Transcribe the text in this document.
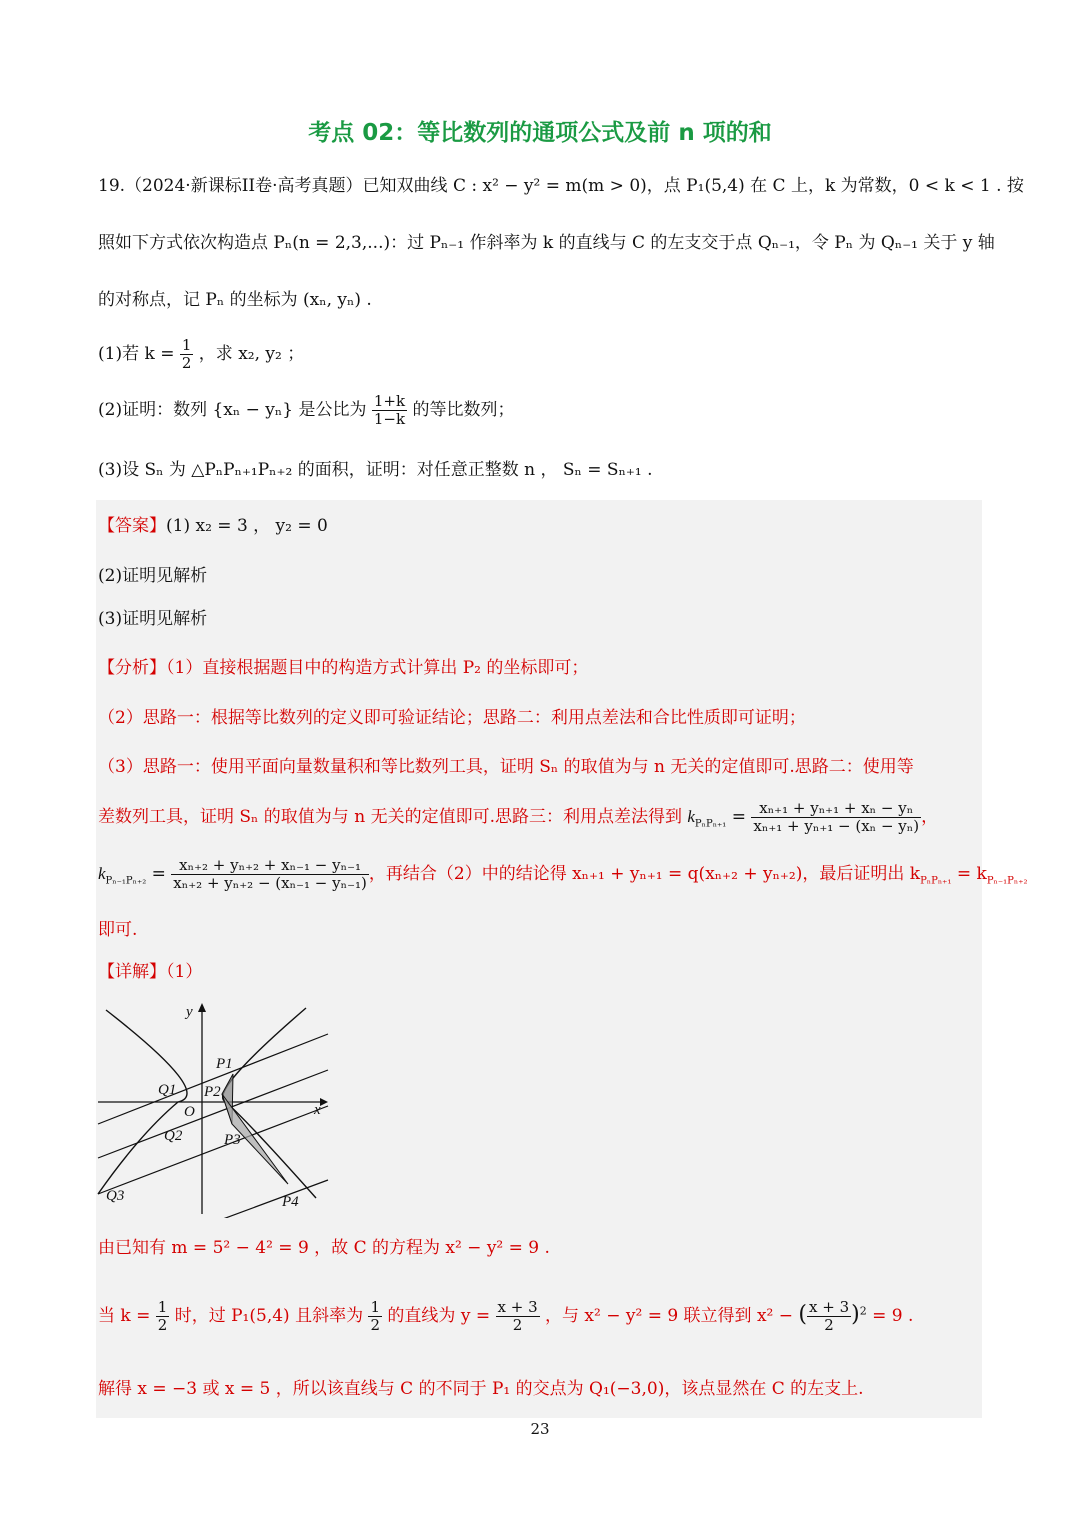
考点 02：等比数列的通项公式及前 n 项的和
19.（2024·新课标II卷·高考真题）已知双曲线 C : x² − y² = m(m > 0)，点 P₁(5,4) 在 C 上，k 为常数，0 < k < 1 . 按
照如下方式依次构造点 Pₙ(n = 2,3,...)：过 Pₙ₋₁ 作斜率为 k 的直线与 C 的左支交于点 Qₙ₋₁，令 Pₙ 为 Qₙ₋₁ 关于 y 轴
的对称点，记 Pₙ 的坐标为 (xₙ, yₙ) .
(1)若 $k = \frac{1}{2}$ ，求 x₂, y₂ ；
(2)证明：数列 {xₙ − yₙ} 是公比为 $\frac{1+k}{1-k}$ 的等比数列；
(3)设 Sₙ 为 △PₙPₙ₊₁Pₙ₊₂ 的面积，证明：对任意正整数 n ， Sₙ = Sₙ₊₁ .
【答案】(1) x₂ = 3 ， y₂ = 0
(2)证明见解析
(3)证明见解析
【分析】（1）直接根据题目中的构造方式计算出 P₂ 的坐标即可；
（2）思路一：根据等比数列的定义即可验证结论；思路二：利用点差法和合比性质即可证明；
（3）思路一：使用平面向量数量积和等比数列工具，证明 Sₙ 的取值为与 n 无关的定值即可.思路二：使用等
差数列工具，证明 Sₙ 的取值为与 n 无关的定值即可.思路三：利用点差法得到 $k_{P_nP_{n+1}} = \frac{\text{xₙ₊₁ + yₙ₊₁ + xₙ − yₙ}}{\text{xₙ₊₁ + yₙ₊₁ − (xₙ − yₙ)}}$ ，
$k_{P_{n-1}P_{n+2}} = \frac{\text{xₙ₊₂ + yₙ₊₂ + xₙ₋₁ − yₙ₋₁}}{\text{xₙ₊₂ + yₙ₊₂ − (xₙ₋₁ − yₙ₋₁)}}$ ，再结合（2）中的结论得 xₙ₊₁ + yₙ₊₁ = q(xₙ₊₂ + yₙ₊₂)，最后证明出 $k_{P_nP_{n+1}} = k_{P_{n-1}P_{n+2}}$
即可.
【详解】（1）
y
x
O
P1
P2
P3
P4
Q1
Q2
Q3
由已知有 m = 5² − 4² = 9 ，故 C 的方程为 x² − y² = 9 .
当 $k = \frac{1}{2}$ 时，过 P₁(5,4) 且斜率为 $\frac{1}{2}$ 的直线为 $y = \frac{x + 3}{2}$ ，与 x² − y² = 9 联立得到 x² − ( $\frac{x + 3}{2} )^2 = 9$ .
解得 x = −3 或 x = 5 ，所以该直线与 C 的不同于 P₁ 的交点为 Q₁(−3,0)，该点显然在 C 的左支上.
23
